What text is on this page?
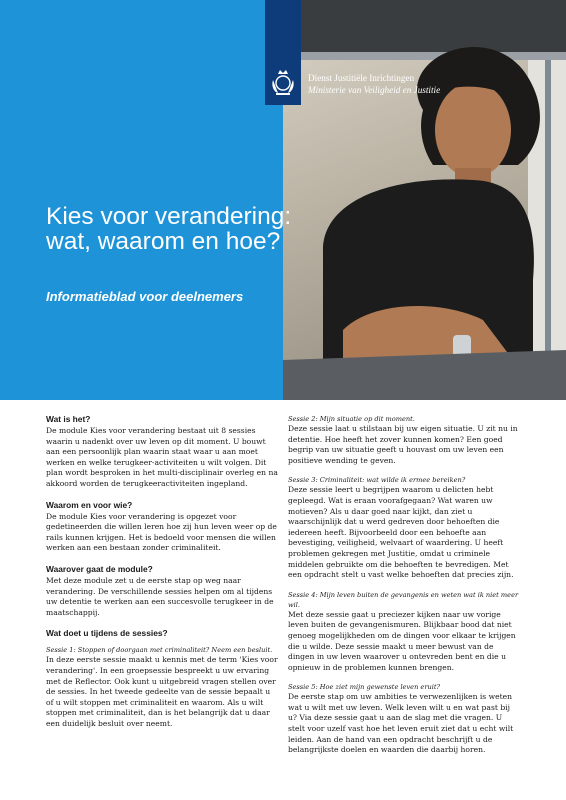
Dienst Justitiële Inrichtingen
Ministerie van Veiligheid en Justitie
Kies voor verandering: wat, waarom en hoe?

Informatieblad voor deelnemers

Wat is het?

De module Kies voor verandering bestaat uit 8 sessies waarin u nadenkt over uw leven op dit moment. U bouwt aan een persoonlijk plan waarin staat waar u aan moet werken en welke terugkeer-activiteiten u wilt volgen. Dit plan wordt besproken in het multi-disciplinair overleg en na akkoord worden de terugkeeractiviteiten ingepland.

Waarom en voor wie?

De module Kies voor verandering is opgezet voor gedetineerden die willen leren hoe zij hun leven weer op de rails kunnen krijgen. Het is bedoeld voor mensen die willen werken aan een bestaan zonder criminaliteit.

Waarover gaat de module?

Met deze module zet u de eerste stap op weg naar verandering. De verschillende sessies helpen om al tijdens uw detentie te werken aan een succesvolle terugkeer in de maatschappij.

Wat doet u tijdens de sessies?

Sessie 1: Stoppen of doorgaan met criminaliteit? Neem een besluit.
In deze eerste sessie maakt u kennis met de term 'Kies voor verandering'. In een groepsessie bespreekt u uw ervaring met de Reflector. Ook kunt u uitgebreid vragen stellen over de sessies. In het tweede gedeelte van de sessie bepaalt u of u wilt stoppen met criminaliteit en waarom. Als u wilt stoppen met criminaliteit, dan is het belangrijk dat u daar een duidelijk besluit over neemt.

Sessie 2: Mijn situatie op dit moment.
Deze sessie laat u stilstaan bij uw eigen situatie. U zit nu in detentie. Hoe heeft het zover kunnen komen? Een goed begrip van uw situatie geeft u houvast om uw leven een positieve wending te geven.

Sessie 3: Criminaliteit: wat wilde ik ermee bereiken?
Deze sessie leert u begrijpen waarom u delicten hebt gepleegd. Wat is eraan voorafgegaan? Wat waren uw motieven? Als u daar goed naar kijkt, dan ziet u waarschijnlijk dat u werd gedreven door behoeften die iedereen heeft. Bijvoorbeeld door een behoefte aan bevestiging, veiligheid, welvaart of waardering. U heeft problemen gekregen met Justitie, omdat u criminele middelen gebruikte om die behoeften te bevredigen. Met een opdracht stelt u vast welke behoeften dat precies zijn.

Sessie 4: Mijn leven buiten de gevangenis en weten wat ik niet meer wil.
Met deze sessie gaat u preciezer kijken naar uw vorige leven buiten de gevangenismuren. Blijkbaar bood dat niet genoeg mogelijkheden om de dingen voor elkaar te krijgen die u wilde. Deze sessie maakt u meer bewust van de dingen in uw leven waarover u ontevreden bent en die u opnieuw in de problemen kunnen brengen.

Sessie 5: Hoe ziet mijn gewenste leven eruit?
De eerste stap om uw ambities te verwezenlijken is weten wat u wilt met uw leven. Welk leven wilt u en wat past bij u? Via deze sessie gaat u aan de slag met die vragen. U stelt voor uzelf vast hoe het leven eruit ziet dat u echt wilt leiden. Aan de hand van een opdracht beschrijft u de belangrijkste doelen en waarden die daarbij horen.
